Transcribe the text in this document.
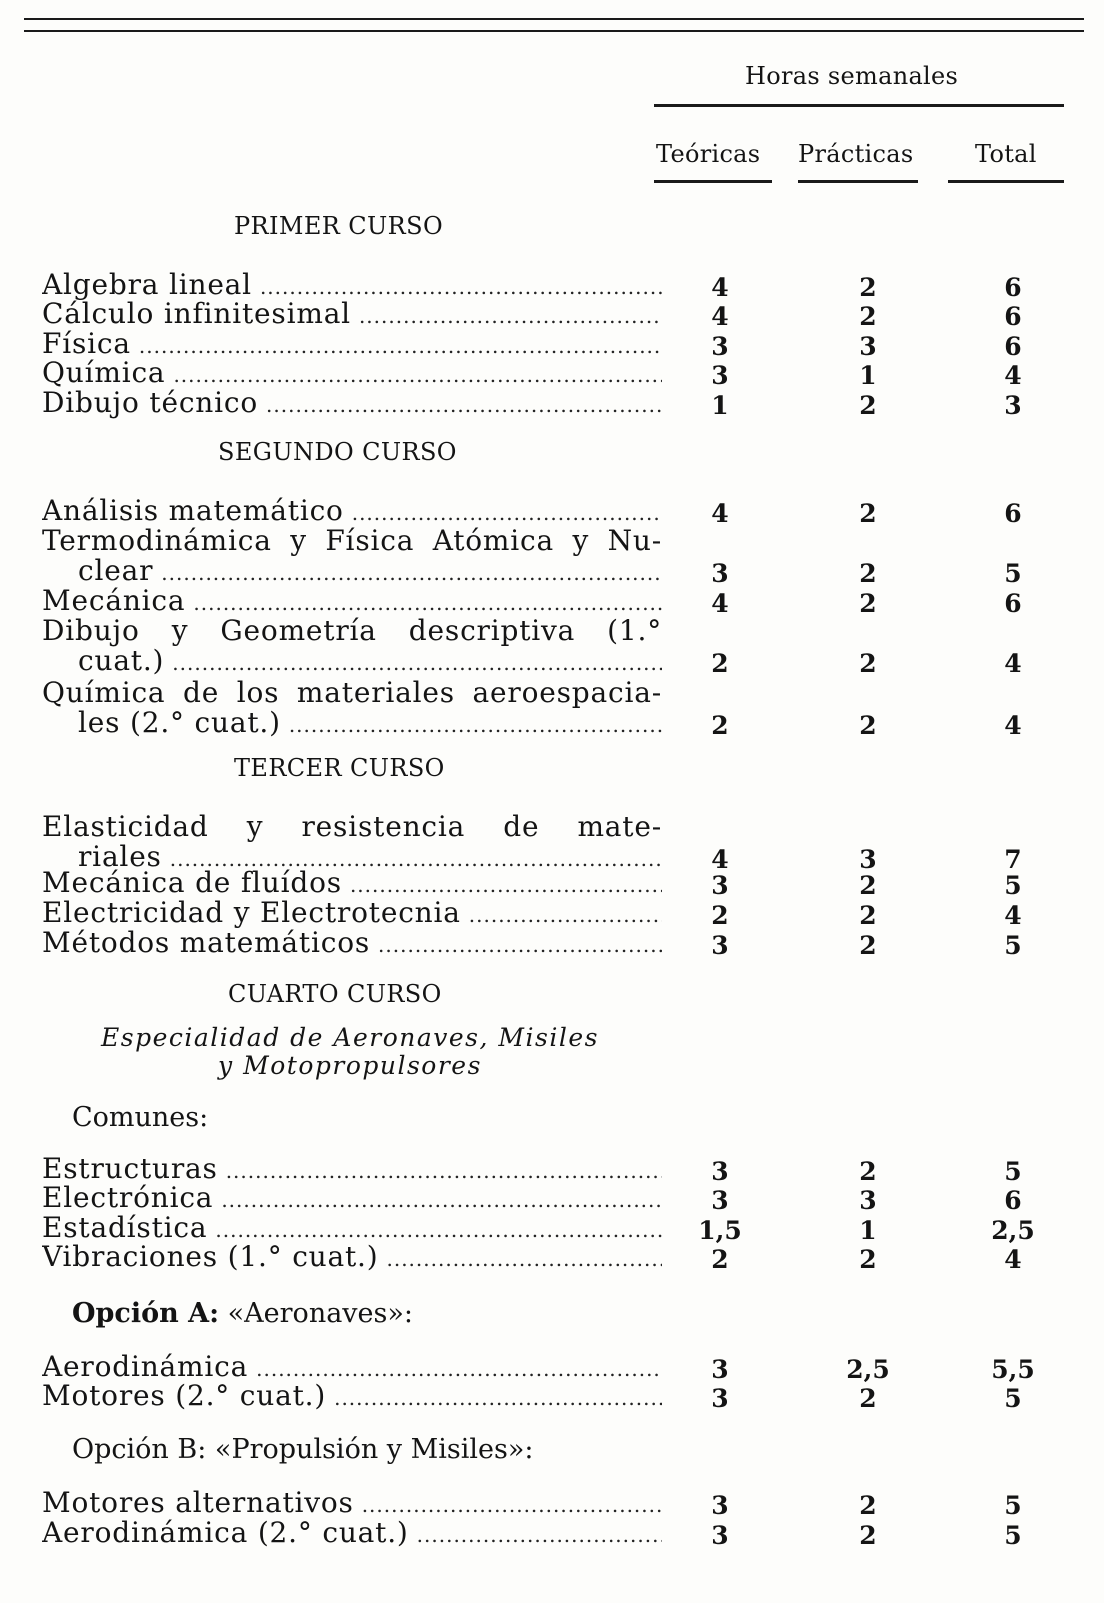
Horas semanales
Teóricas Prácticas	Total
PRIMER CURSO
SEGUNDO CURSO
TERCER CURSO
CUARTO CURSO
Especialidad de Aeronaves, Misiles
y Motopropulsores
Comunes:
Opción A: «Aeronaves»:
Opción B: «Propulsión y Misiles»:
Algebra lineal .....	4	2	6
Cálculo infinitesimal .....	4	2	6
Física .....	3	3	6
Química .....	3	1	4
Dibujo técnico .....	1	2	3
Análisis matemático .....	4	2	6
Termodinámica y Física Atómica y Nu-
clear .....	3	2	5
Mecánica .....	4	2	6
Dibujo y Geometría descriptiva (1.°
cuat.) .....	2	2	4
Química de los materiales aeroespacia-
les (2.° cuat.) .....	2	2	4
Elasticidad y resistencia de mate-
riales .....	4	3	7
Mecánica de fluídos .....	3	2	5
Electricidad y Electrotecnia .....	2	2	4
Métodos matemáticos .....	3	2	5
Estructuras .....	3	2	5
Electrónica .....	3	3	6
Estadística .....	1,5	1	2,5
Vibraciones (1.° cuat.) .....	2	2	4
Aerodinámica .....	3	2,5	5,5
Motores (2.° cuat.) .....	3	2	5
Motores alternativos .....	3	2	5
Aerodinámica (2.° cuat.) .....	3	2	5
